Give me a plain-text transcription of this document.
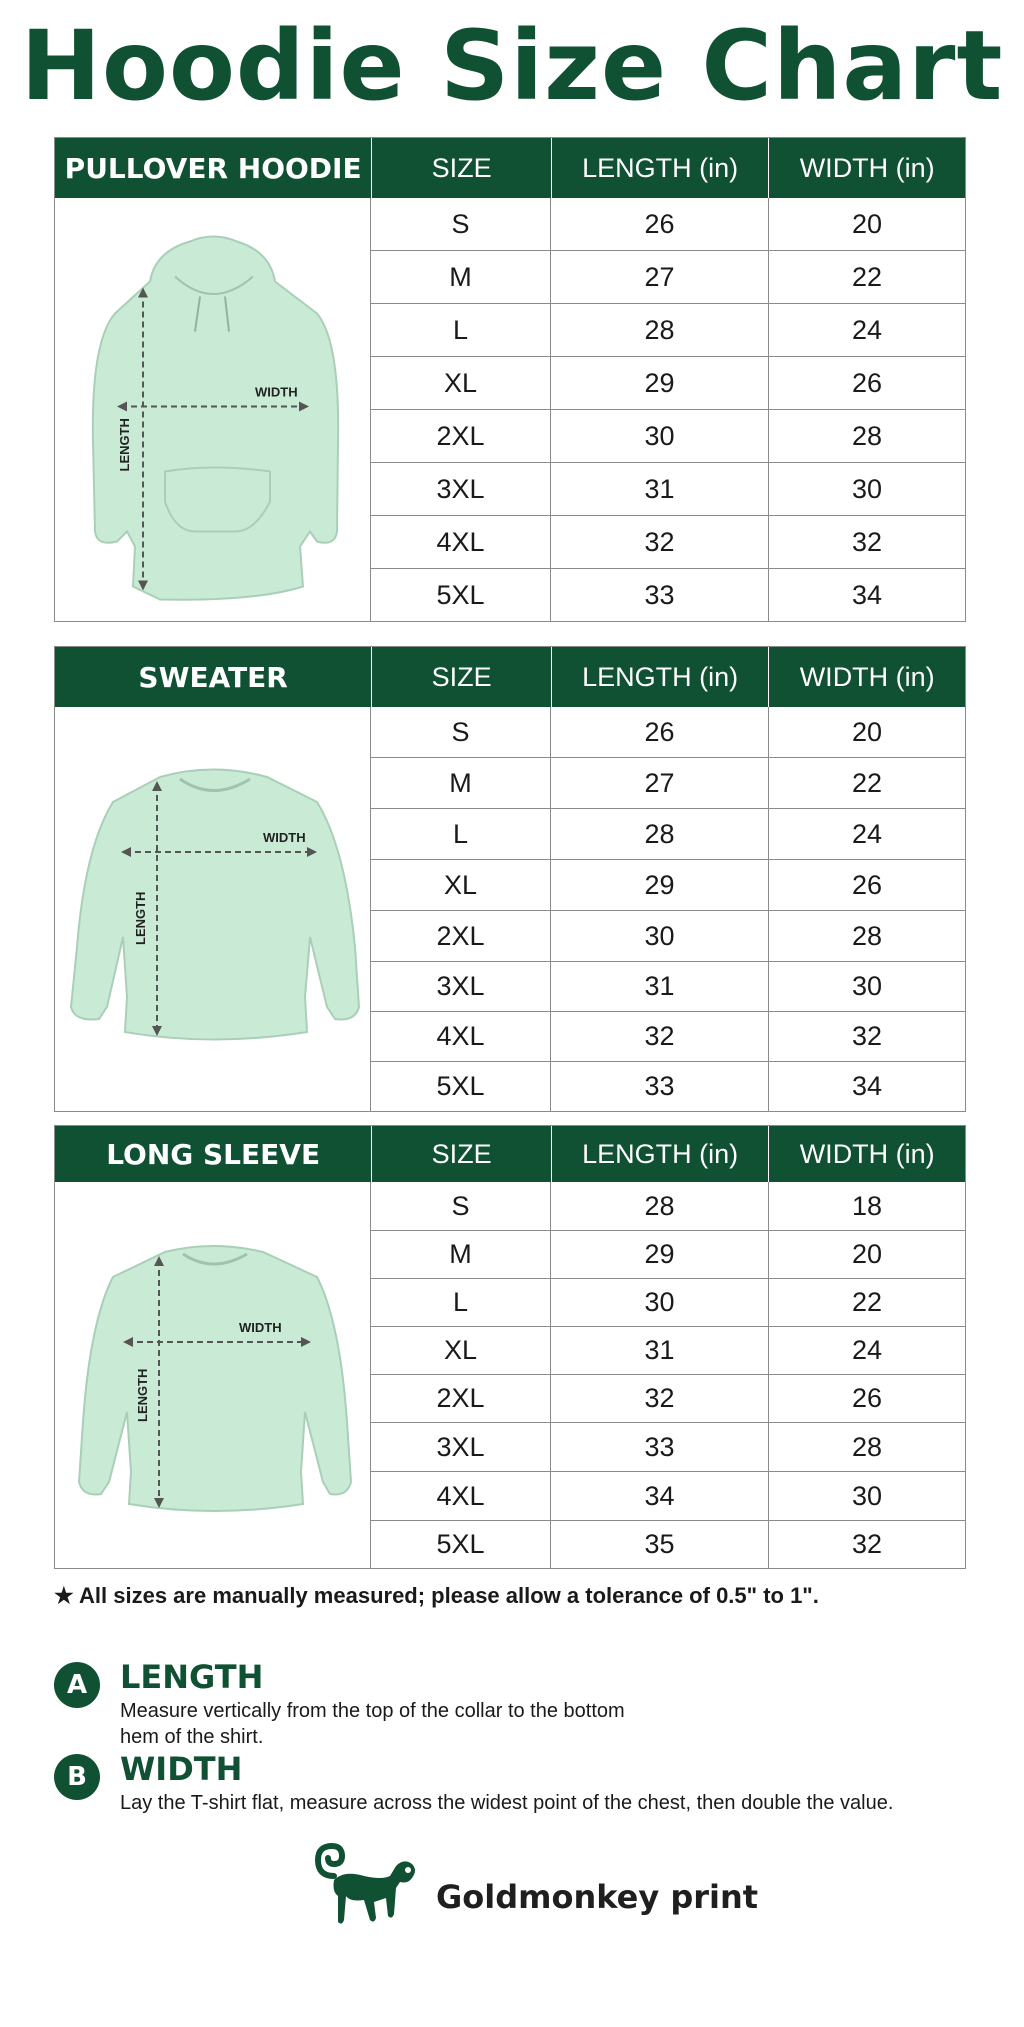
Hoodie Size Chart
PULLOVER HOODIE	SIZE	LENGTH (in)	WIDTH (in)
WIDTH
LENGTH
S	26	20
M	27	22
L	28	24
XL	29	26
2XL	30	28
3XL	31	30
4XL	32	32
5XL	33	34
SWEATER	SIZE	LENGTH (in)	WIDTH (in)
WIDTH
LENGTH
S	26	20
M	27	22
L	28	24
XL	29	26
2XL	30	28
3XL	31	30
4XL	32	32
5XL	33	34
LONG SLEEVE	SIZE	LENGTH (in)	WIDTH (in)
WIDTH
LENGTH
S	28	18
M	29	20
L	30	22
XL	31	24
2XL	32	26
3XL	33	28
4XL	34	30
5XL	35	32
★ All sizes are manually measured; please allow a tolerance of 0.5" to 1".
A	LENGTH
Measure vertically from the top of the collar to the bottom
hem of the shirt.
B	WIDTH
Lay the T-shirt flat, measure across the widest point of the chest, then double the value.
Goldmonkey print
